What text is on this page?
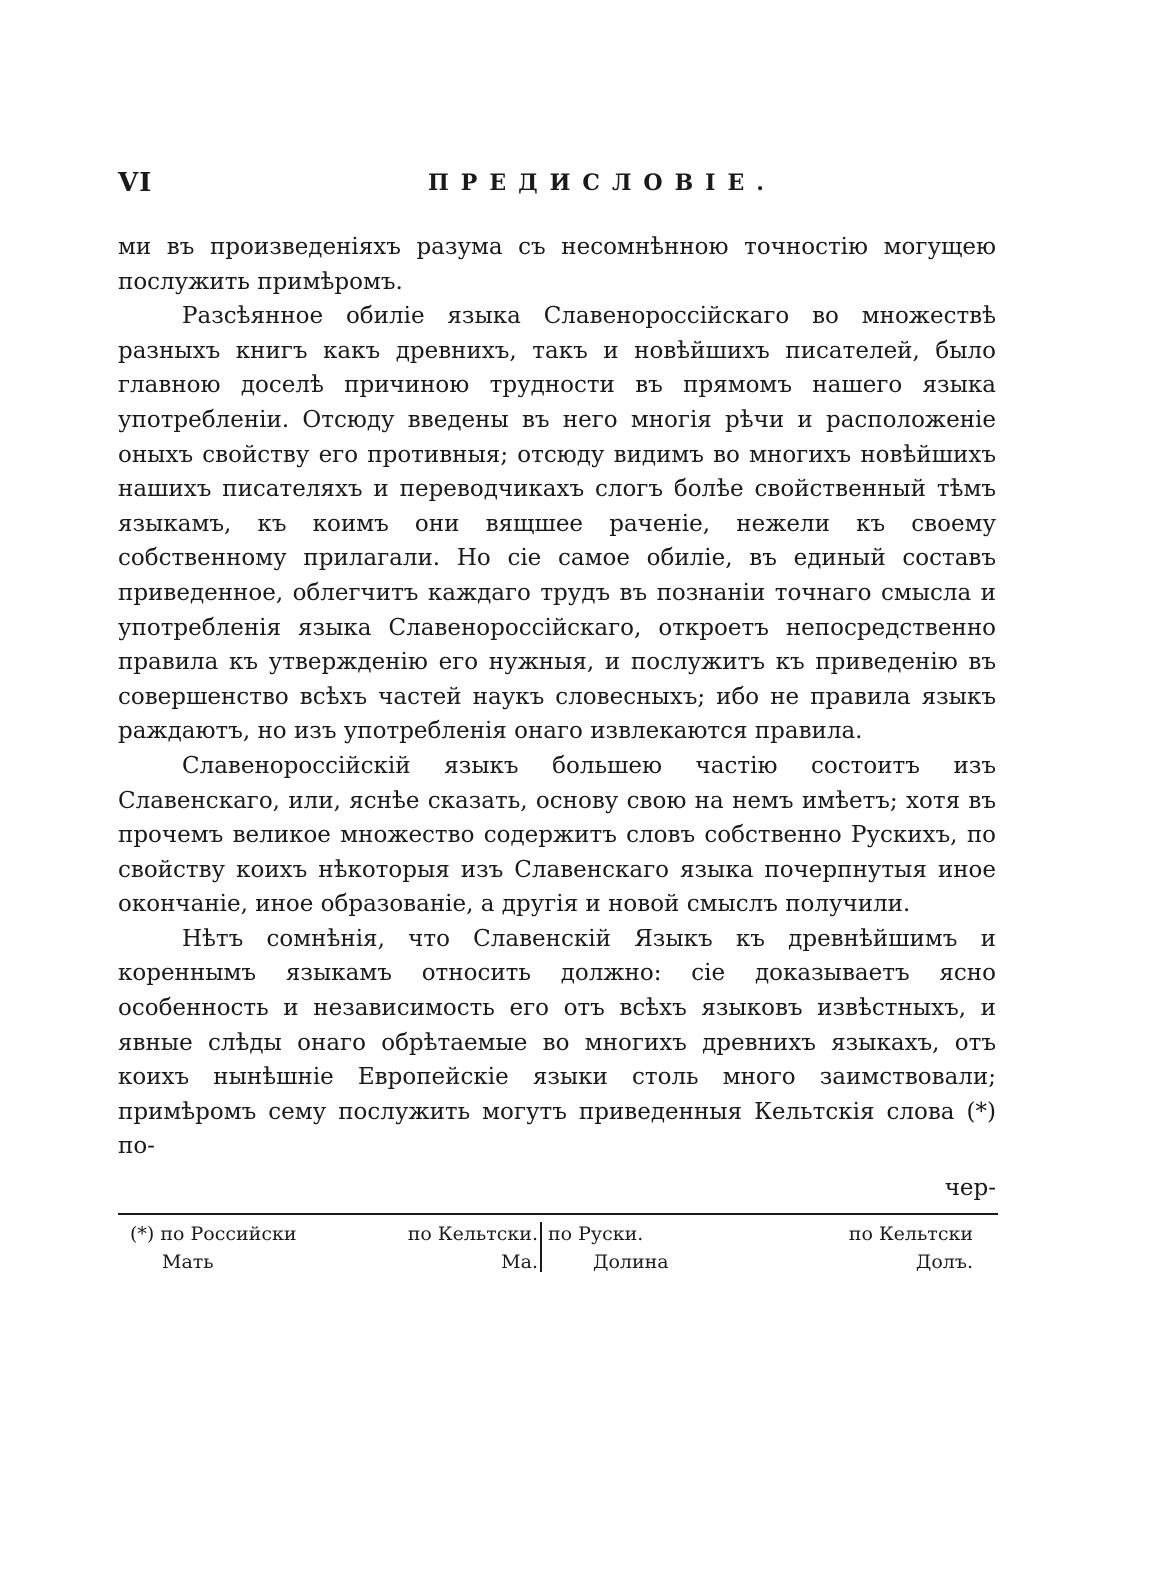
VI	ПРЕДИСЛОВІЕ.

ми въ произведеніяхъ разума съ несомнѣнною точностію могущею послужить примѣромъ.

Разсѣянное обиліе языка Славенороссійскаго во множествѣ разныхъ книгъ какъ древнихъ, такъ и новѣйшихъ писателей, было главною доселѣ причиною трудности въ прямомъ нашего языка употребленіи. Отсюду введены въ него многія рѣчи и расположеніе оныхъ свойству его противныя; отсюду видимъ во многихъ новѣйшихъ нашихъ писателяхъ и переводчикахъ слогъ болѣе свойственный тѣмъ языкамъ, къ коимъ они вящшее раченіе, нежели къ своему собственному прилагали. Но сіе самое обиліе, въ единый составъ приведенное, облегчитъ каждаго трудъ въ познаніи точнаго смысла и употребленія языка Славенороссійскаго, откроетъ непосредственно правила къ утвержденію его нужныя, и послужитъ къ приведенію въ совершенство всѣхъ частей наукъ словесныхъ; ибо не правила языкъ раждаютъ, но изъ употребленія онаго извлекаются правила.

Славенороссійскій языкъ большею частію состоитъ изъ Славенскаго, или, яснѣе сказать, основу свою на немъ имѣетъ; хотя въ прочемъ великое множество содержитъ словъ собственно Рускихъ, по свойству коихъ нѣкоторыя изъ Славенскаго языка почерпнутыя иное окончаніе, иное образованіе, а другія и новой смыслъ получили.

Нѣтъ сомнѣнія, что Славенскій Языкъ къ древнѣйшимъ и кореннымъ языкамъ относить должно: сіе доказываетъ ясно особенность и независимость его отъ всѣхъ языковъ извѣстныхъ, и явные слѣды онаго обрѣтаемые во многихъ древнихъ языкахъ, отъ коихъ нынѣшніе Европейскіе языки столь много заимствовали; примѣромъ сему послужить могутъ приведенныя Кельтскія слова (*) по-

чер-
(*) по Российски
Мать
по Кельтски.
Ма.
по Руски.
Долина
по Кельтски
Долъ.
